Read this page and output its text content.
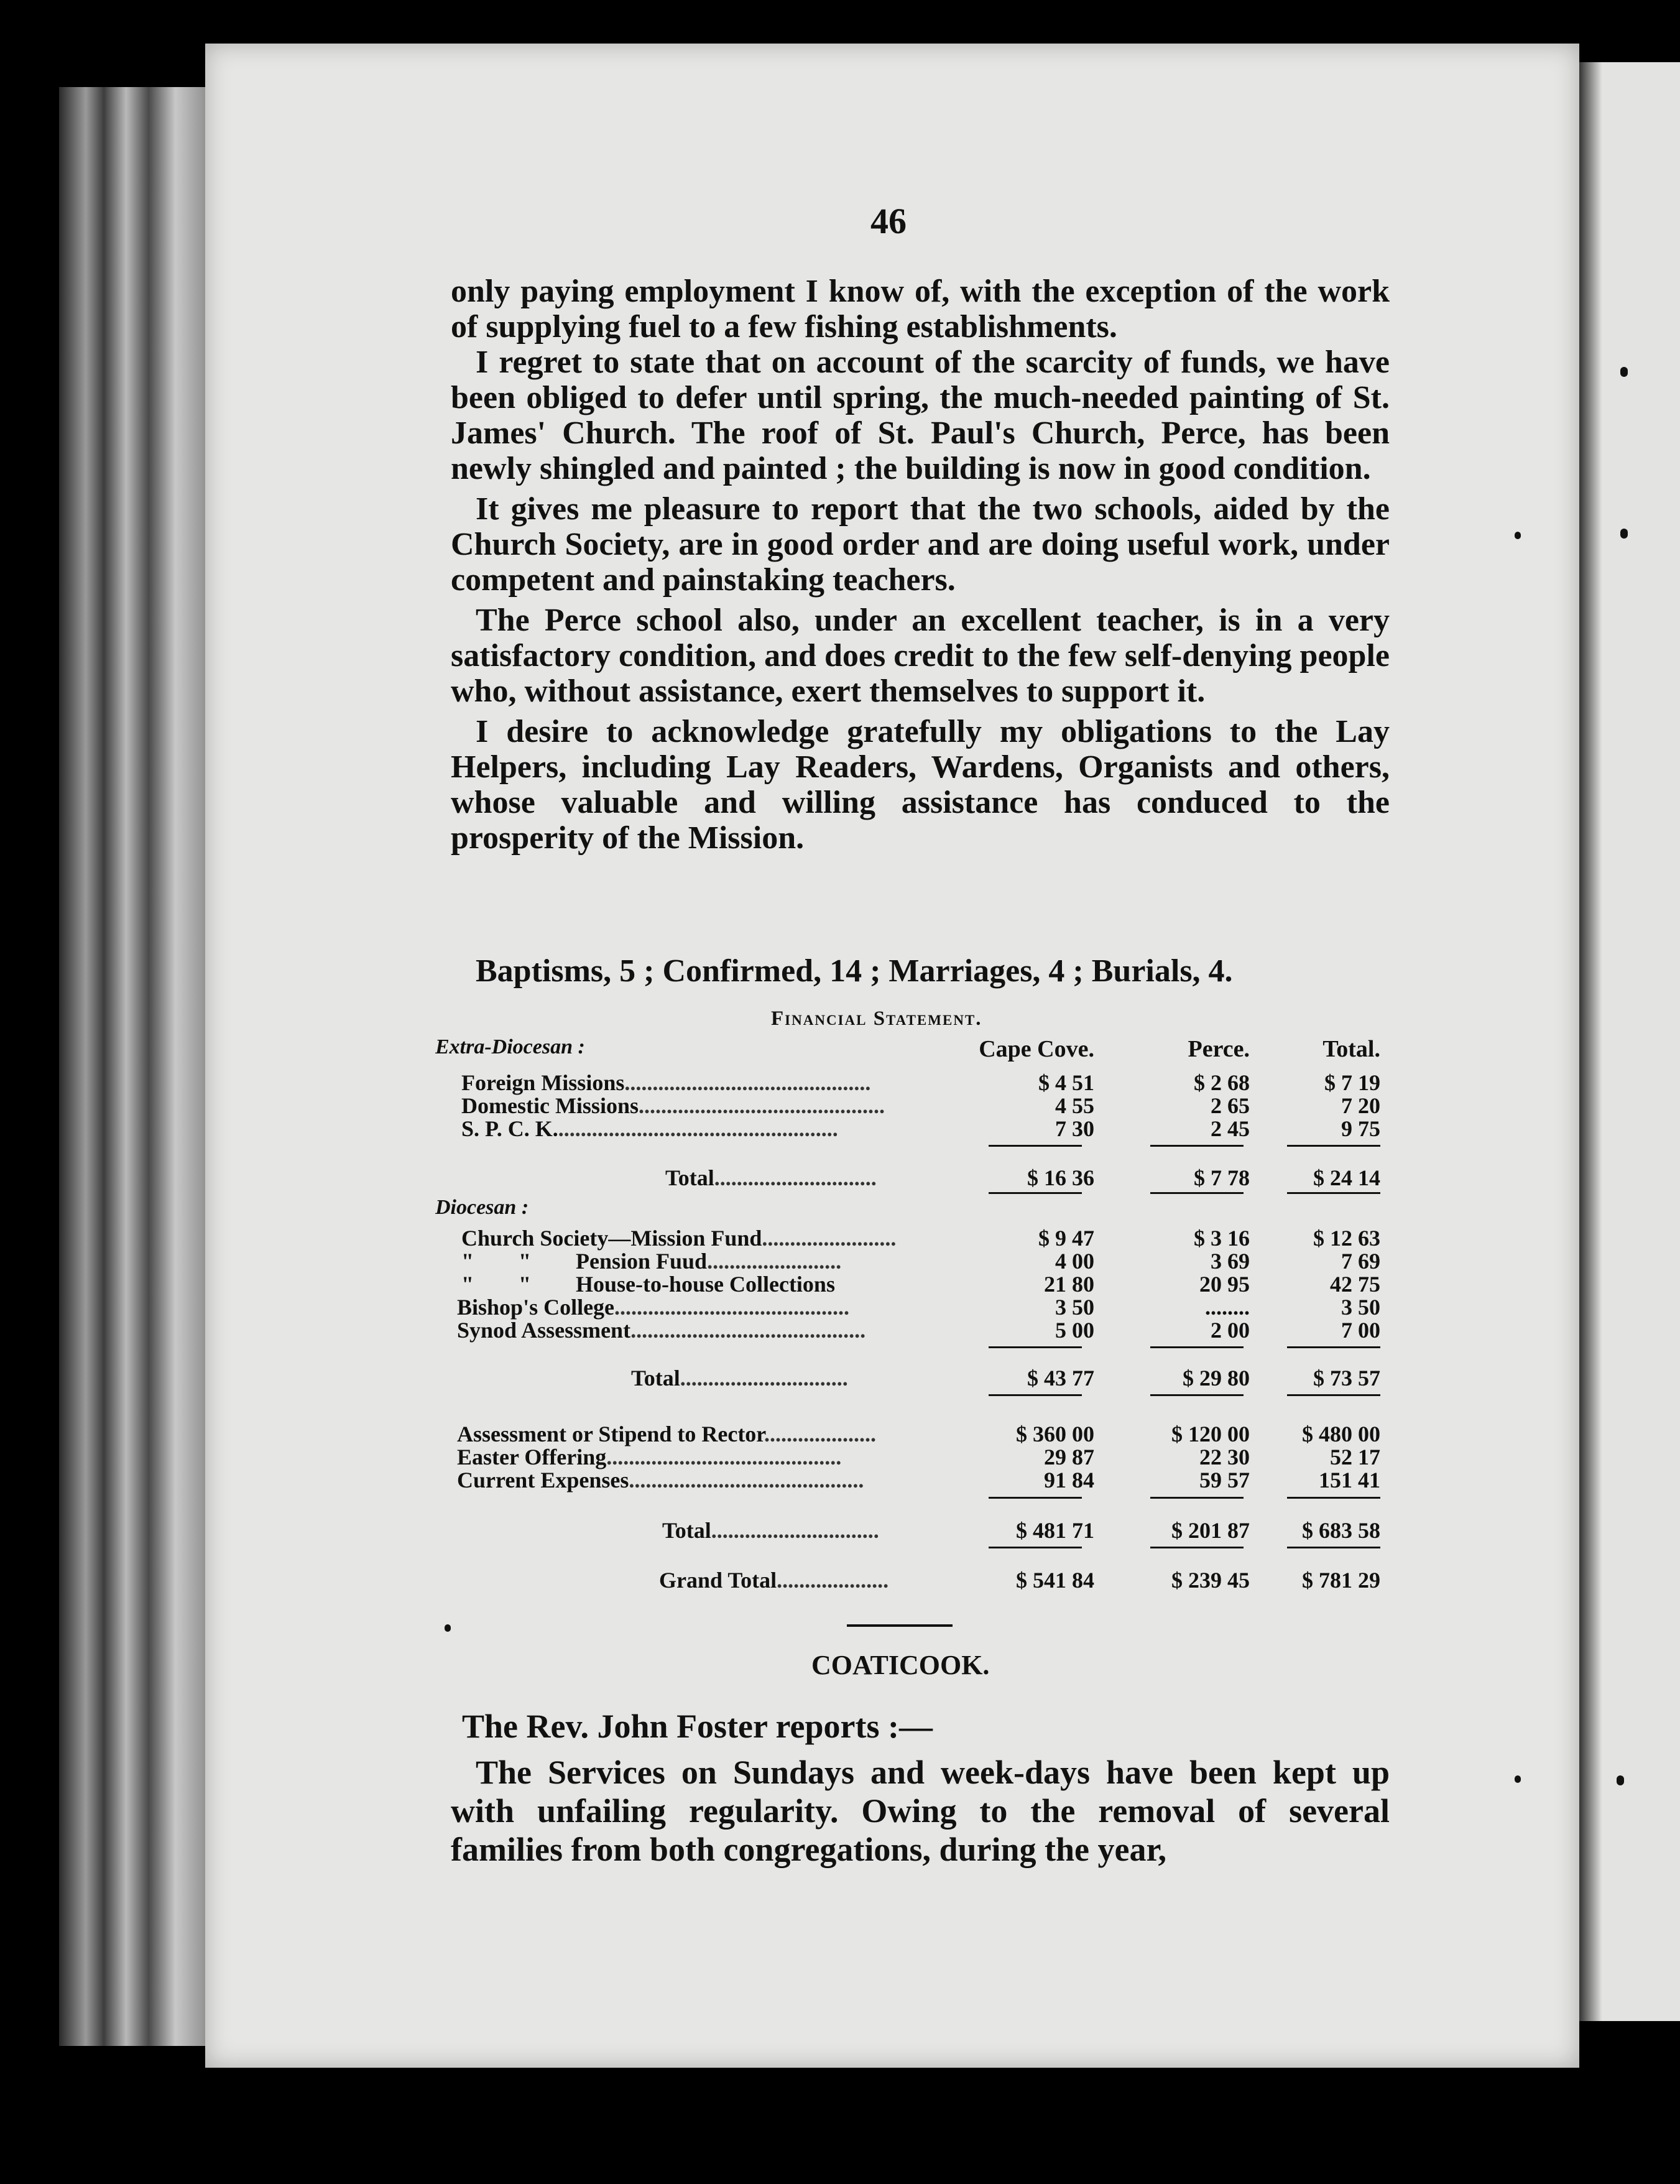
46

only paying employment I know of, with the exception of the work of supplying fuel to a few fishing establishments.

I regret to state that on account of the scarcity of funds, we have been obliged to defer until spring, the much-needed painting of St. James' Church. The roof of St. Paul's Church, Perce, has been newly shingled and painted ; the building is now in good condition.

It gives me pleasure to report that the two schools, aided by the Church Society, are in good order and are doing useful work, under competent and painstaking teachers.

The Perce school also, under an excellent teacher, is in a very satisfactory condition, and does credit to the few self-denying people who, without assistance, exert themselves to support it.

I desire to acknowledge gratefully my obligations to the Lay Helpers, including Lay Readers, Wardens, Organists and others, whose valuable and willing assistance has conduced to the prosperity of the Mission.

Baptisms, 5 ; Confirmed, 14 ; Marriages, 4 ; Burials, 4.
Financial Statement.
Extra-Diocesan :	Cape Cove.	Perce.	Total.
Foreign Missions............................................	$ 4 51	$ 2 68	$ 7 19
Domestic Missions............................................	4 55	2 65	7 20
S. P. C. K...................................................	7 30	2 45	9 75
Total.............................	$ 16 36	$ 7 78	$ 24 14
Diocesan :
Church Society—Mission Fund........................	$ 9 47	$ 3 16	$ 12 63
"        "        Pension Fuud........................	4 00	3 69	7 69
"        "        House-to-house Collections	21 80	20 95	42 75
Bishop's College..........................................	3 50	........	3 50
Synod Assessment..........................................	5 00	2 00	7 00
Total..............................	$ 43 77	$ 29 80	$ 73 57
Assessment or Stipend to Rector....................	$ 360 00	$ 120 00	$ 480 00
Easter Offering..........................................	29 87	22 30	52 17
Current Expenses..........................................	91 84	59 57	151 41
Total..............................	$ 481 71	$ 201 87	$ 683 58
Grand Total....................	$ 541 84	$ 239 45	$ 781 29
COATICOOK.

The Rev. John Foster reports :—

The Services on Sundays and week-days have been kept up with unfailing regularity. Owing to the removal of several families from both congregations, during the year,
